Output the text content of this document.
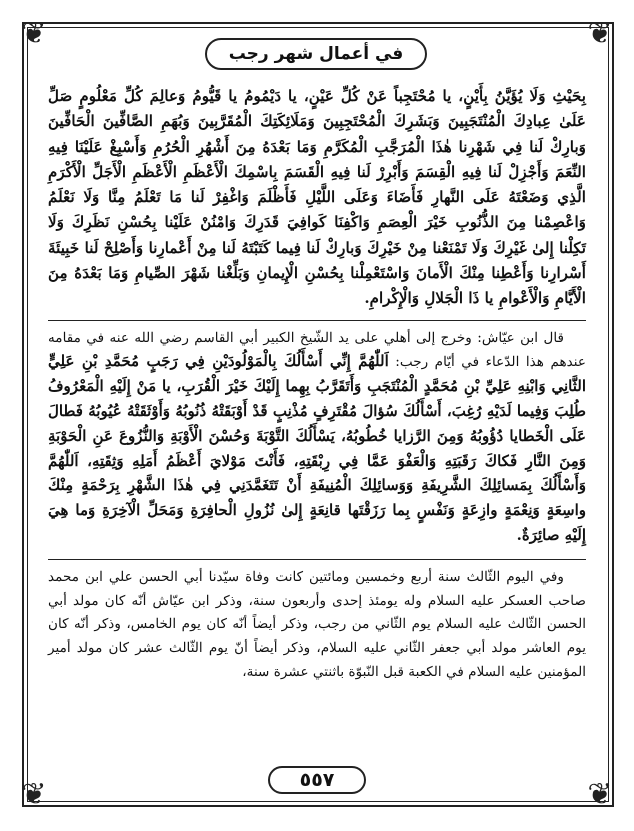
❦	❦
❦	❦
في أعمال شهر رجب

بِحَيْثِ وَلَا يُؤَيَّنُ بِأَيْنٍ، يا مُحْتَجِباً عَنْ كُلِّ عَيْنٍ، يا دَيْمُومُ يا قَيُّومُ وَعالِمَ كُلِّ مَعْلُومٍ صَلِّ عَلَىٰ عِبادِكَ الْمُنْتَجَبِينَ وَبَشَرِكَ الْمُحْتَجِبِينَ وَمَلَائِكَتِكَ الْمُقَرَّبِينَ وَبُهَمِ الصَّافِّينَ الْحَافِّينَ وَبارِكْ لَنا فِي شَهْرِنا هٰذَا الْمُرَجَّبِ الْمُكَرَّمِ وَمَا بَعْدَهُ مِنَ أَشْهُرِ الْحُرُمِ وَأَسْبِغْ عَلَيْنَا فِيهِ النِّعَمَ وَأَجْزِلْ لَنا فِيهِ الْقِسَمَ وَأَبْرِرْ لَنا فِيهِ الْقَسَمَ بِاسْمِكَ الْأَعْظَمِ الْأَعْظَمِ الْأَجَلِّ الْأَكْرَمِ الَّذِي وَضَعْتَهُ عَلَى النَّهارِ فَأَضَاءَ وَعَلَى اللَّيْلِ فَأَظْلَمَ وَاغْفِرْ لَنا مَا تَعْلَمُ مِنَّا وَلَا نَعْلَمُ وَاعْصِمْنا مِنَ الذُّنُوبِ خَيْرَ الْعِصَمِ وَاكْفِنَا كَوافِيَ قَدَرِكَ وَامْنُنْ عَلَيْنا بِحُسْنِ نَظَرِكَ وَلَا تَكِلْنا إِلىٰ غَيْرِكَ وَلَا تَمْنَعْنا مِنْ خَيْرِكَ وَبارِكْ لَنا فِيما كَتَبْتَهُ لَنا مِنْ أَعْمارِنا وَأَصْلِحْ لَنا خَبِيئَةَ أَسْرارِنا وَأَعْطِنا مِنْكَ الْأَمانَ وَاسْتَعْمِلْنا بِحُسْنِ الْإِيمانِ وَبَلِّغْنا شَهْرَ الصِّيامِ وَمَا بَعْدَهُ مِنَ الْأَيَّامِ وَالْأَعْوامِ يا ذَا الْجَلالِ وَالْإِكْرامِ.

قال ابن عيّاش: وخرج إلى أهلي على يد الشّيخ الكبير أبي القاسم رضي الله عنه في مقامه عندهم هذا الدّعاء في أيّام رجب: اَللّٰهُمَّ إِنِّي أَسْأَلُكَ بِالْمَوْلُودَيْنِ فِي رَجَبٍ مُحَمَّدِ بْنِ عَلِيٍّ الثَّانِي وَابْنِهِ عَلِيِّ بْنِ مُحَمَّدٍ الْمُنْتَجَبِ وَأَتَقَرَّبُ بِهِما إِلَيْكَ خَيْرَ الْقُرَبِ، يا مَنْ إِلَيْهِ الْمَعْرُوفُ طُلِبَ وَفِيما لَدَيْهِ رُغِبَ، أَسْأَلُكَ سُؤالَ مُقْتَرِفٍ مُذْنِبٍ قَدْ أَوْبَقَتْهُ ذُنُوبُهُ وَأَوْثَقَتْهُ عُيُوبُهُ فَطالَ عَلَى الْخَطايا دُؤُوبُهُ وَمِنَ الرَّزايا خُطُوبُهُ، يَسْأَلُكَ التَّوْبَةَ وَحُسْنَ الْأَوْبَةِ وَالنُّزُوعَ عَنِ الْحَوْبَةِ وَمِنَ النَّارِ فَكاكَ رَقَبَتِهِ وَالْعَفْوَ عَمَّا فِي رِبْقَتِهِ، فَأَنْتَ مَوْلايَ أَعْظَمُ أَمَلِهِ وَثِقَتِهِ، اَللّٰهُمَّ وَأَسْأَلُكَ بِمَسائِلِكَ الشَّرِيفَةِ وَوَسائِلِكَ الْمُنِيفَةِ أَنْ تَتَغَمَّدَنِي فِي هٰذَا الشَّهْرِ بِرَحْمَةٍ مِنْكَ واسِعَةٍ وَنِعْمَةٍ وازِعَةٍ وَنَفْسٍ بِما رَزَقْتَها قانِعَةٍ إِلىٰ نُزُولِ الْحافِرَةِ وَمَحَلِّ الْآخِرَةِ وَما هِيَ إِلَيْهِ صائِرَةٌ.

وفي اليوم الثّالث سنة أربع وخمسين ومائتين كانت وفاة سيّدنا أبي الحسن علي ابن محمد صاحب العسكر عليه السلام وله يومئذ إحدى وأربعون سنة، وذكر ابن عيّاش أنّه كان مولد أبي الحسن الثّالث عليه السلام يوم الثّاني من رجب، وذكر أيضاً أنّه كان يوم الخامس، وذكر أنّه كان يوم العاشر مولد أبي جعفر الثّاني عليه السلام، وذكر أيضاً أنّ يوم الثّالث عشر كان مولد أمير المؤمنين عليه السلام في الكعبة قبل النّبوّة باثنتي عشرة سنة،

٥٥٧
